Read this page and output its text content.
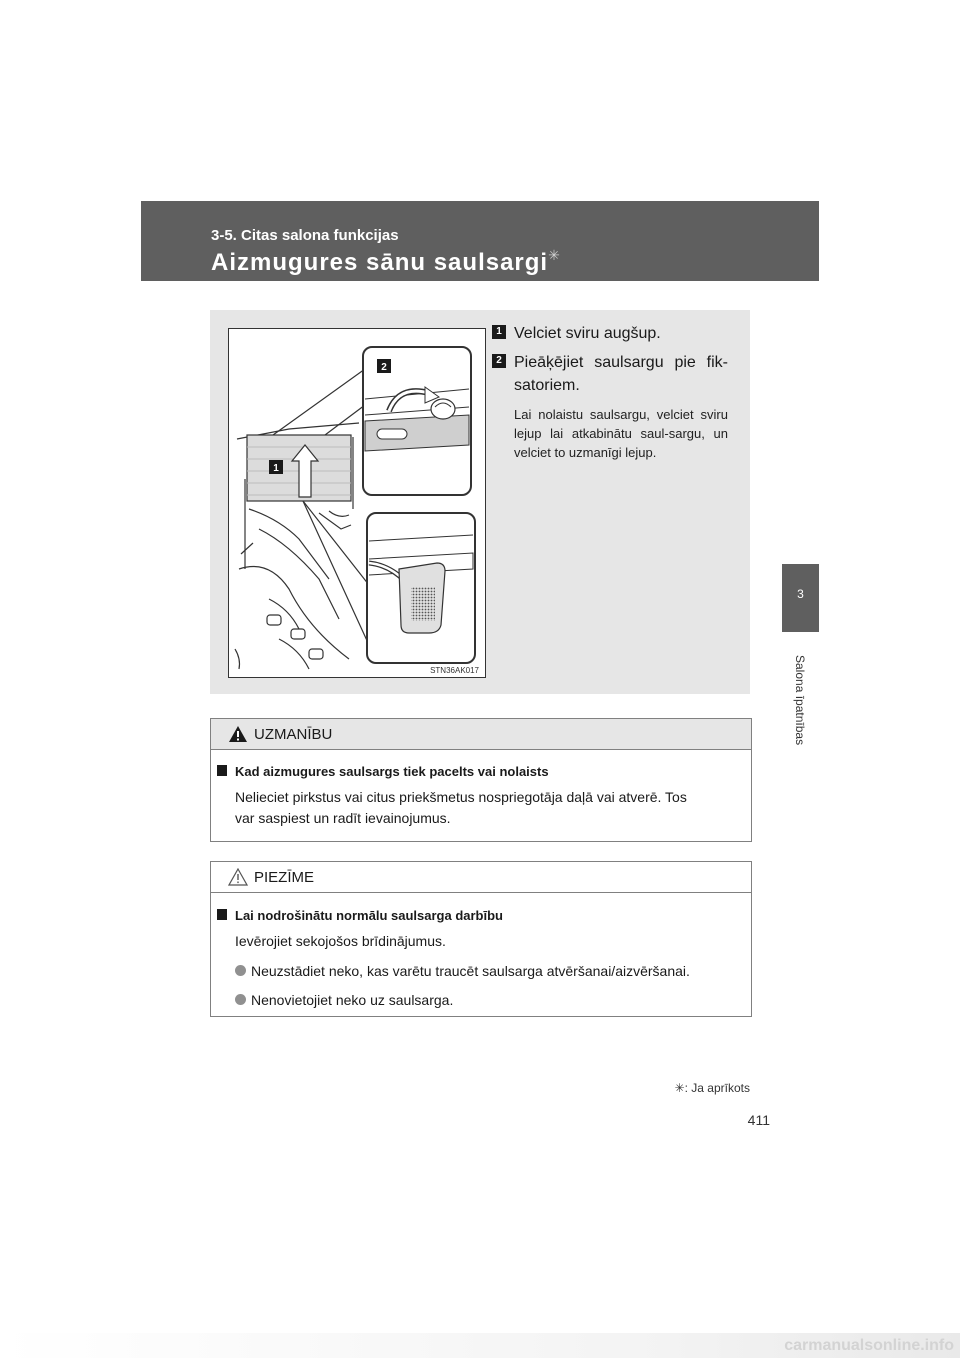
3-5. Citas salona funkcijas
Aizmugures sānu saulsargi✳
3
Salona īpatnības
1
2
STN36AK017
1 Velciet sviru augšup.
2 Pieāķējiet saulsargu pie fik-satoriem.
Lai nolaistu saulsargu, velciet sviru lejup lai atkabinātu saul-sargu, un velciet to uzmanīgi lejup.
UZMANĪBU
Kad aizmugures saulsargs tiek pacelts vai nolaists
Nelieciet pirkstus vai citus priekšmetus nospriegotāja daļā vai atverē. Tos var saspiest un radīt ievainojumus.
PIEZĪME
Lai nodrošinātu normālu saulsarga darbību
Ievērojiet sekojošos brīdinājumus.
Neuzstādiet neko, kas varētu traucēt saulsarga atvēršanai/aizvēršanai.
Nenovietojiet neko uz saulsarga.
✳: Ja aprīkots
411
carmanualsonline.info
